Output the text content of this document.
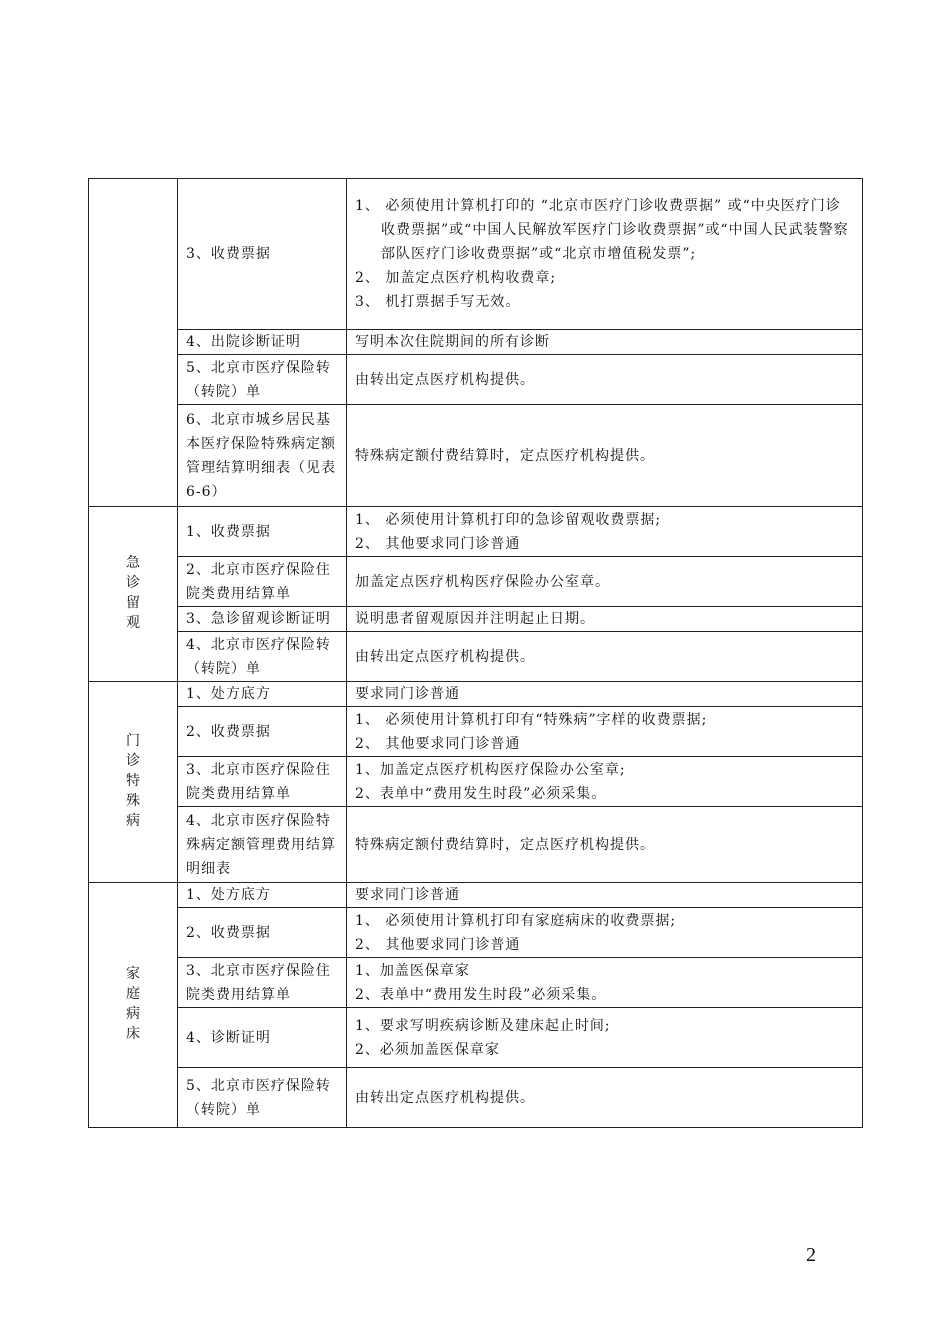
	3、收费票据	1、 必须使用计算机打印的 “北京市医疗门诊收费票据” 或“中央医疗门诊收费票据”或“中国人民解放军医疗门诊收费票据”或“中国人民武装警察部队医疗门诊收费票据”或“北京市增值税发票”;
2、 加盖定点医疗机构收费章;
3、 机打票据手写无效。

	4、出院诊断证明	写明本次住院期间的所有诊断
	5、北京市医疗保险转（转院）单	由转出定点医疗机构提供。
	6、北京市城乡居民基本医疗保险特殊病定额管理结算明细表（见表 6-6）	特殊病定额付费结算时，定点医疗机构提供。
急诊留观	1、收费票据	1、 必须使用计算机打印的急诊留观收费票据;
2、 其他要求同门诊普通

	2、北京市医疗保险住院类费用结算单	加盖定点医疗机构医疗保险办公室章。
	3、急诊留观诊断证明	说明患者留观原因并注明起止日期。
	4、北京市医疗保险转（转院）单	由转出定点医疗机构提供。
门诊特殊病	1、处方底方	要求同门诊普通
	2、收费票据	1、 必须使用计算机打印有“特殊病”字样的收费票据;
2、 其他要求同门诊普通

	3、北京市医疗保险住院类费用结算单	1、加盖定点医疗机构医疗保险办公室章;
2、表单中“费用发生时段”必须采集。

	4、北京市医疗保险特殊病定额管理费用结算明细表	特殊病定额付费结算时，定点医疗机构提供。
家庭病床	1、处方底方	要求同门诊普通
	2、收费票据	1、 必须使用计算机打印有家庭病床的收费票据;
2、 其他要求同门诊普通

	3、北京市医疗保险住院类费用结算单	1、加盖医保章家
2、表单中“费用发生时段”必须采集。

	4、诊断证明	1、要求写明疾病诊断及建床起止时间;
2、必须加盖医保章家

	5、北京市医疗保险转（转院）单	由转出定点医疗机构提供。
2
